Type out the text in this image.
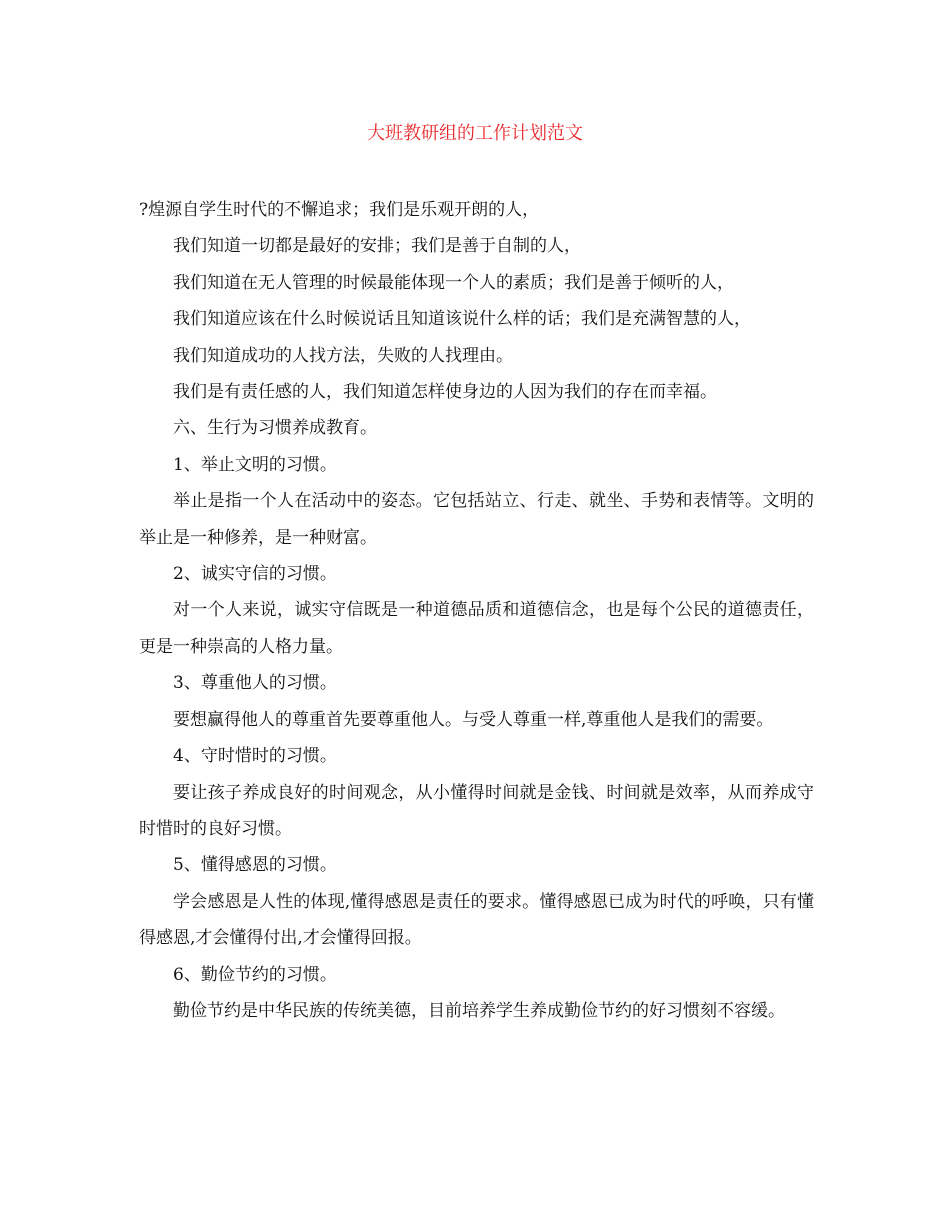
大班教研组的工作计划范文

?煌源自学生时代的不懈追求；我们是乐观开朗的人，

我们知道一切都是最好的安排；我们是善于自制的人，

我们知道在无人管理的时候最能体现一个人的素质；我们是善于倾听的人，

我们知道应该在什么时候说话且知道该说什么样的话；我们是充满智慧的人，

我们知道成功的人找方法，失败的人找理由。

我们是有责任感的人，我们知道怎样使身边的人因为我们的存在而幸福。

六、生行为习惯养成教育。

1、举止文明的习惯。

举止是指一个人在活动中的姿态。它包括站立、行走、就坐、手势和表情等。文明的举止是一种修养，是一种财富。

2、诚实守信的习惯。

对一个人来说，诚实守信既是一种道德品质和道德信念，也是每个公民的道德责任，更是一种崇高的人格力量。

3、尊重他人的习惯。

要想赢得他人的尊重首先要尊重他人。与受人尊重一样,尊重他人是我们的需要。

4、守时惜时的习惯。

要让孩子养成良好的时间观念，从小懂得时间就是金钱、时间就是效率，从而养成守时惜时的良好习惯。

5、懂得感恩的习惯。

学会感恩是人性的体现,懂得感恩是责任的要求。懂得感恩已成为时代的呼唤，只有懂得感恩,才会懂得付出,才会懂得回报。

6、勤俭节约的习惯。

勤俭节约是中华民族的传统美德，目前培养学生养成勤俭节约的好习惯刻不容缓。
